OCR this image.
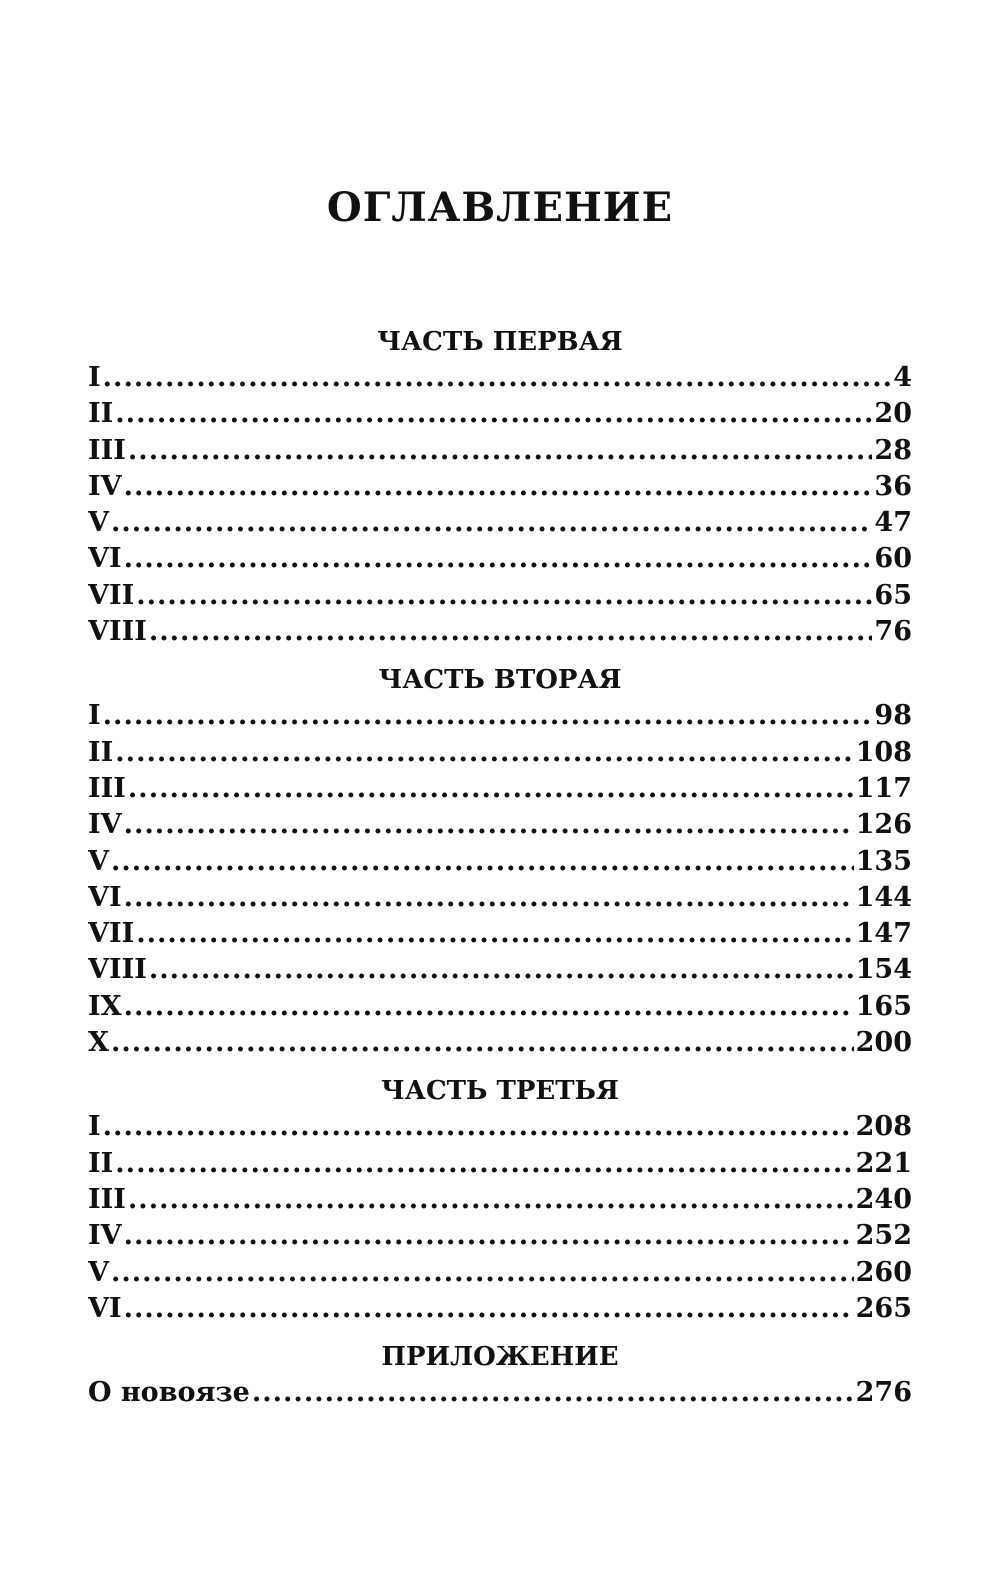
ОГЛАВЛЕНИЕ
ЧАСТЬ ПЕРВАЯ
I .....	4
II .....	20
III .....	28
IV .....	36
V .....	47
VI .....	60
VII .....	65
VIII .....	76
ЧАСТЬ ВТОРАЯ
I .....	98
II .....	108
III .....	117
IV .....	126
V .....	135
VI .....	144
VII .....	147
VIII .....	154
IX .....	165
X .....	200
ЧАСТЬ ТРЕТЬЯ
I .....	208
II .....	221
III .....	240
IV .....	252
V .....	260
VI .....	265
ПРИЛОЖЕНИЕ
О новоязе .....	276
